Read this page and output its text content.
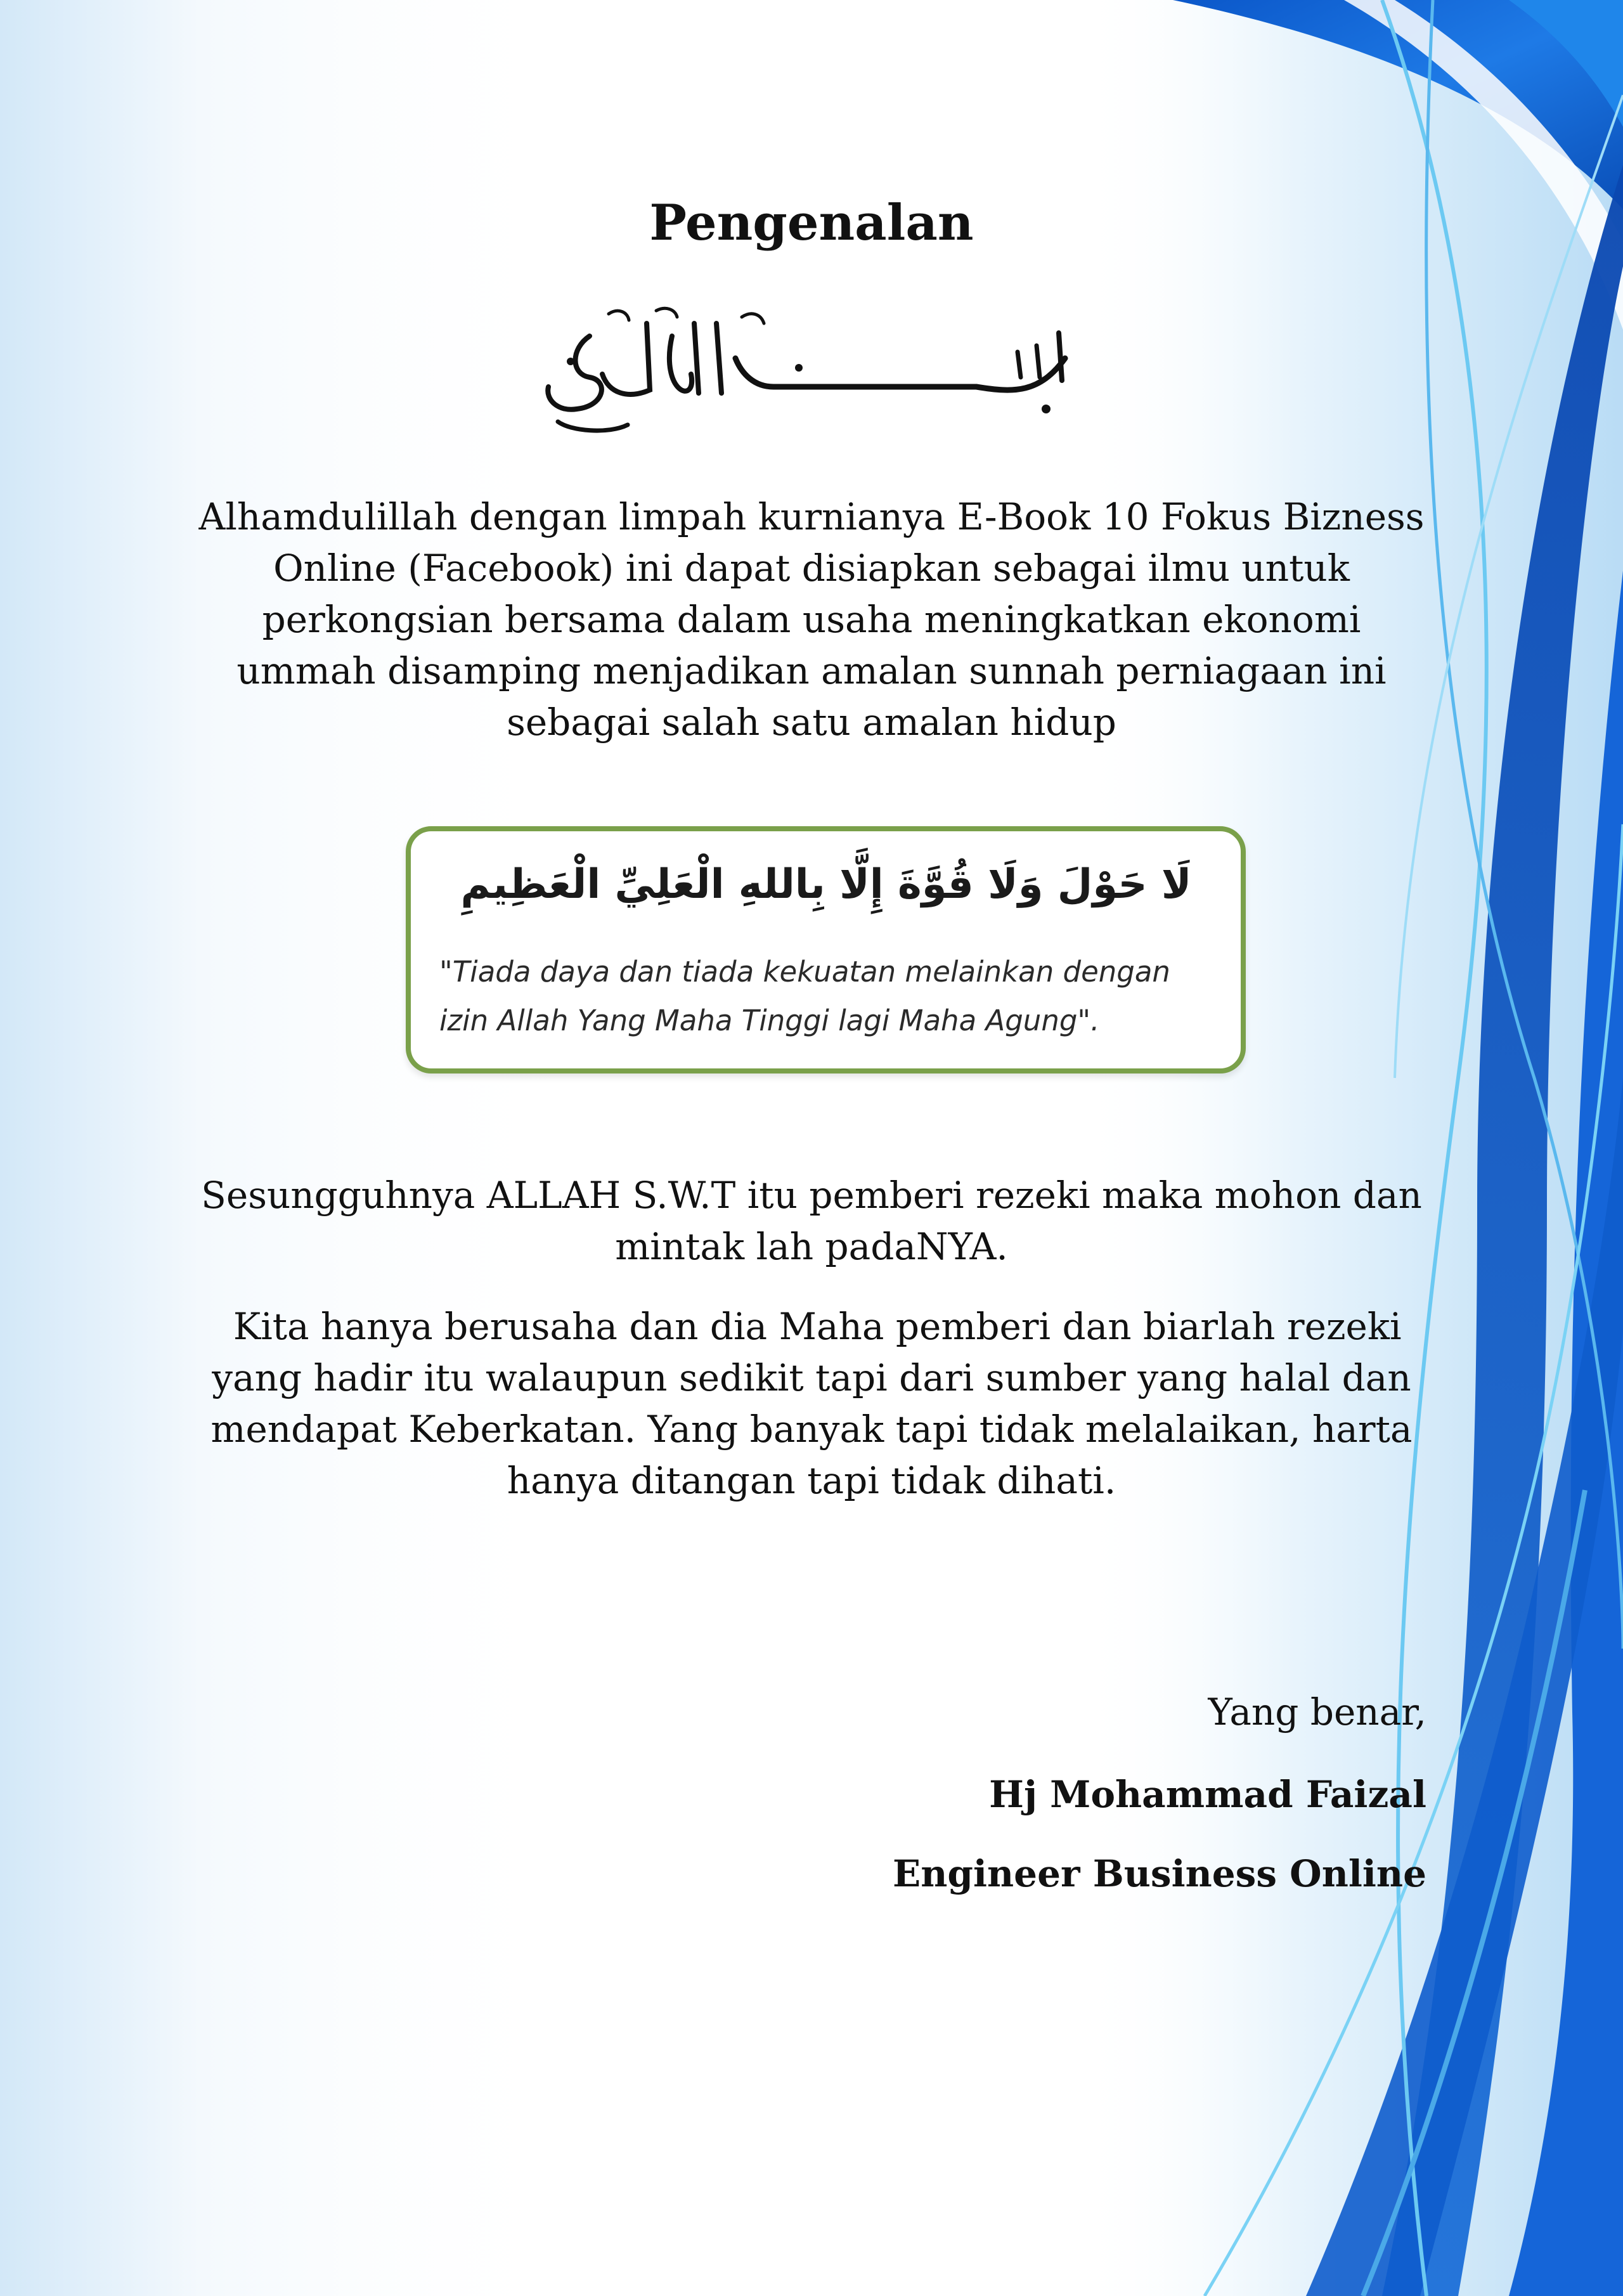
Pengenalan
Alhamdulillah dengan limpah kurnianya E-Book 10 Fokus Bizness
Online (Facebook) ini dapat disiapkan sebagai ilmu untuk
perkongsian bersama dalam usaha meningkatkan ekonomi
ummah disamping menjadikan amalan sunnah perniagaan ini
sebagai salah satu amalan hidup
لَا حَوْلَ وَلَا قُوَّةَ إِلَّا بِاللهِ الْعَلِيِّ الْعَظِيمِ
"Tiada daya dan tiada kekuatan melainkan dengan
izin Allah Yang Maha Tinggi lagi Maha Agung".
Sesungguhnya ALLAH S.W.T itu pemberi rezeki maka mohon dan
mintak lah padaNYA.
Kita hanya berusaha dan dia Maha pemberi dan biarlah rezeki
yang hadir itu walaupun sedikit tapi dari sumber yang halal dan
mendapat Keberkatan. Yang banyak tapi tidak melalaikan, harta
hanya ditangan tapi tidak dihati.
Yang benar,
Hj Mohammad Faizal
Engineer Business Online
